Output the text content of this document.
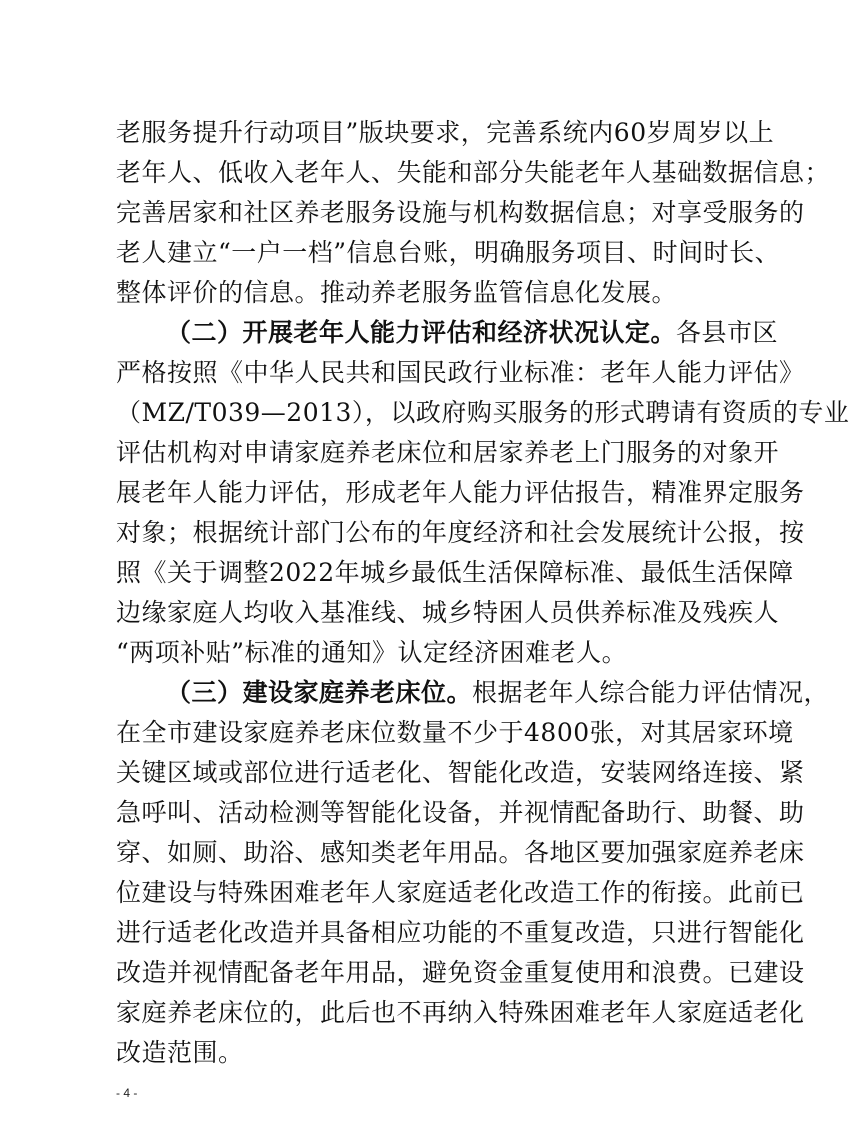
老服务提升行动项目”版块要求，完善系统内60岁周岁以上
老年人、低收入老年人、失能和部分失能老年人基础数据信息；
完善居家和社区养老服务设施与机构数据信息；对享受服务的
老人建立“一户一档”信息台账，明确服务项目、时间时长、
整体评价的信息。推动养老服务监管信息化发展。
（二）开展老年人能力评估和经济状况认定。各县市区
严格按照《中华人民共和国民政行业标准：老年人能力评估》
（MZ/T039—2013），以政府购买服务的形式聘请有资质的专业
评估机构对申请家庭养老床位和居家养老上门服务的对象开
展老年人能力评估，形成老年人能力评估报告，精准界定服务
对象；根据统计部门公布的年度经济和社会发展统计公报，按
照《关于调整2022年城乡最低生活保障标准、最低生活保障
边缘家庭人均收入基准线、城乡特困人员供养标准及残疾人
“两项补贴”标准的通知》认定经济困难老人。
（三）建设家庭养老床位。根据老年人综合能力评估情况，
在全市建设家庭养老床位数量不少于4800张，对其居家环境
关键区域或部位进行适老化、智能化改造，安装网络连接、紧
急呼叫、活动检测等智能化设备，并视情配备助行、助餐、助
穿、如厕、助浴、感知类老年用品。各地区要加强家庭养老床
位建设与特殊困难老年人家庭适老化改造工作的衔接。此前已
进行适老化改造并具备相应功能的不重复改造，只进行智能化
改造并视情配备老年用品，避免资金重复使用和浪费。已建设
家庭养老床位的，此后也不再纳入特殊困难老年人家庭适老化
改造范围。
- 4 -
